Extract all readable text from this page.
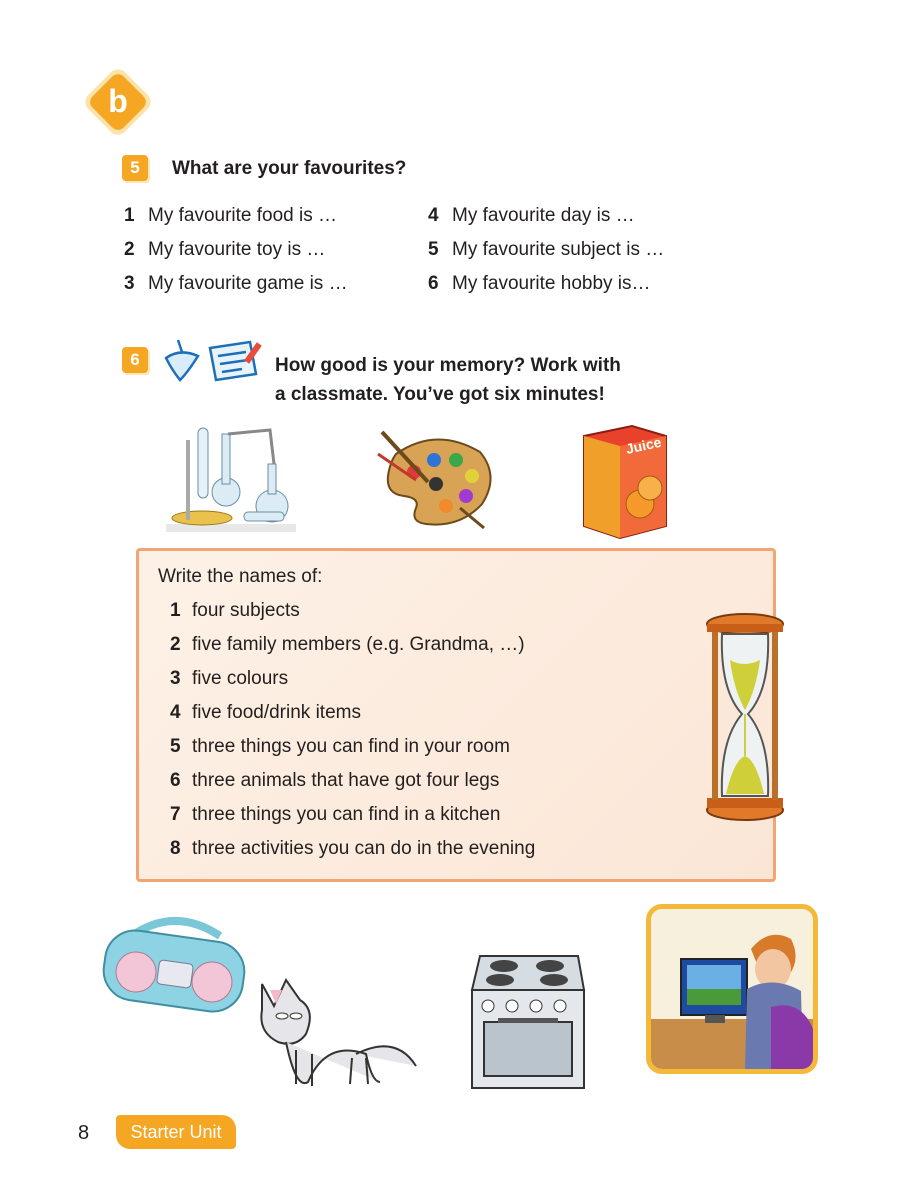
b
5	What are your favourites?
1 My favourite food is …
2 My favourite toy is …
3 My favourite game is …
4 My favourite day is …
5 My favourite subject is …
6 My favourite hobby is…
6	How good is your memory? Work with
a classmate. You’ve got six minutes!
Juice
Write the names of:
1 four subjects
2 five family members (e.g. Grandma, …)
3 five colours
4 five food/drink items
5 three things you can find in your room
6 three animals that have got four legs
7 three things you can find in a kitchen
8 three activities you can do in the evening
8	Starter Unit
